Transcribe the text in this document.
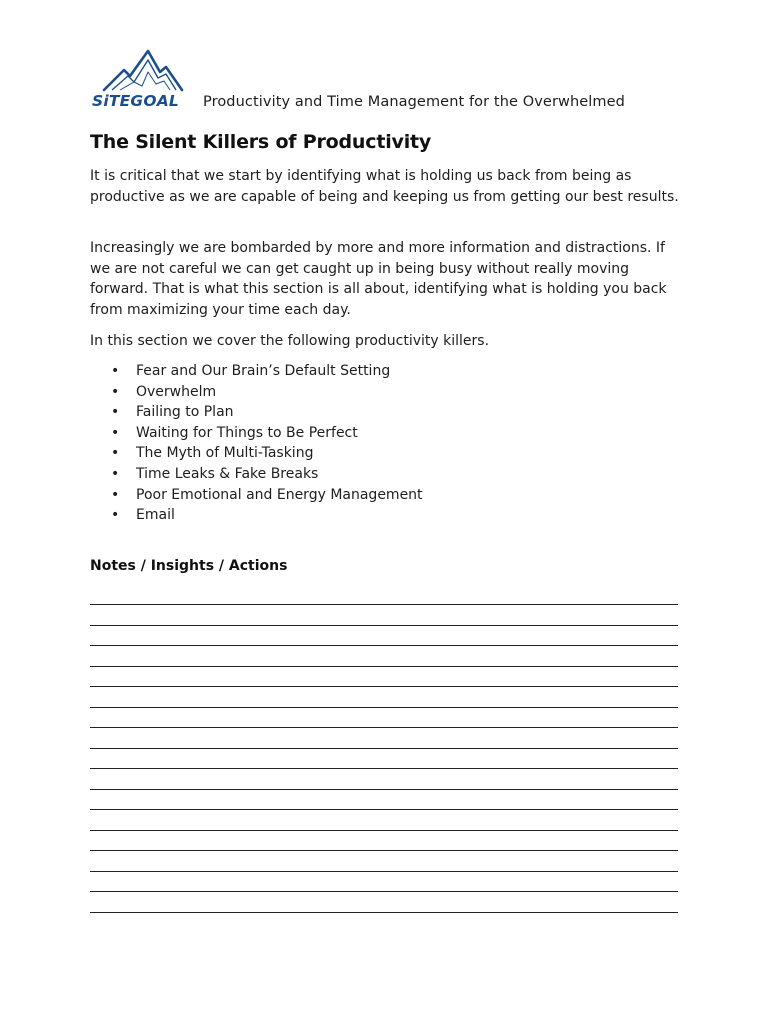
SiTEGOAL Productivity and Time Management for the Overwhelmed
The Silent Killers of Productivity

It is critical that we start by identifying what is holding us back from being as productive as we are capable of being and keeping us from getting our best results.

Increasingly we are bombarded by more and more information and distractions. If we are not careful we can get caught up in being busy without really moving forward. That is what this section is all about, identifying what is holding you back from maximizing your time each day.

In this section we cover the following productivity killers.

• Fear and Our Brain’s Default Setting
• Overwhelm
• Failing to Plan
• Waiting for Things to Be Perfect
• The Myth of Multi-Tasking
• Time Leaks & Fake Breaks
• Poor Emotional and Energy Management
• Email
Notes / Insights / Actions
